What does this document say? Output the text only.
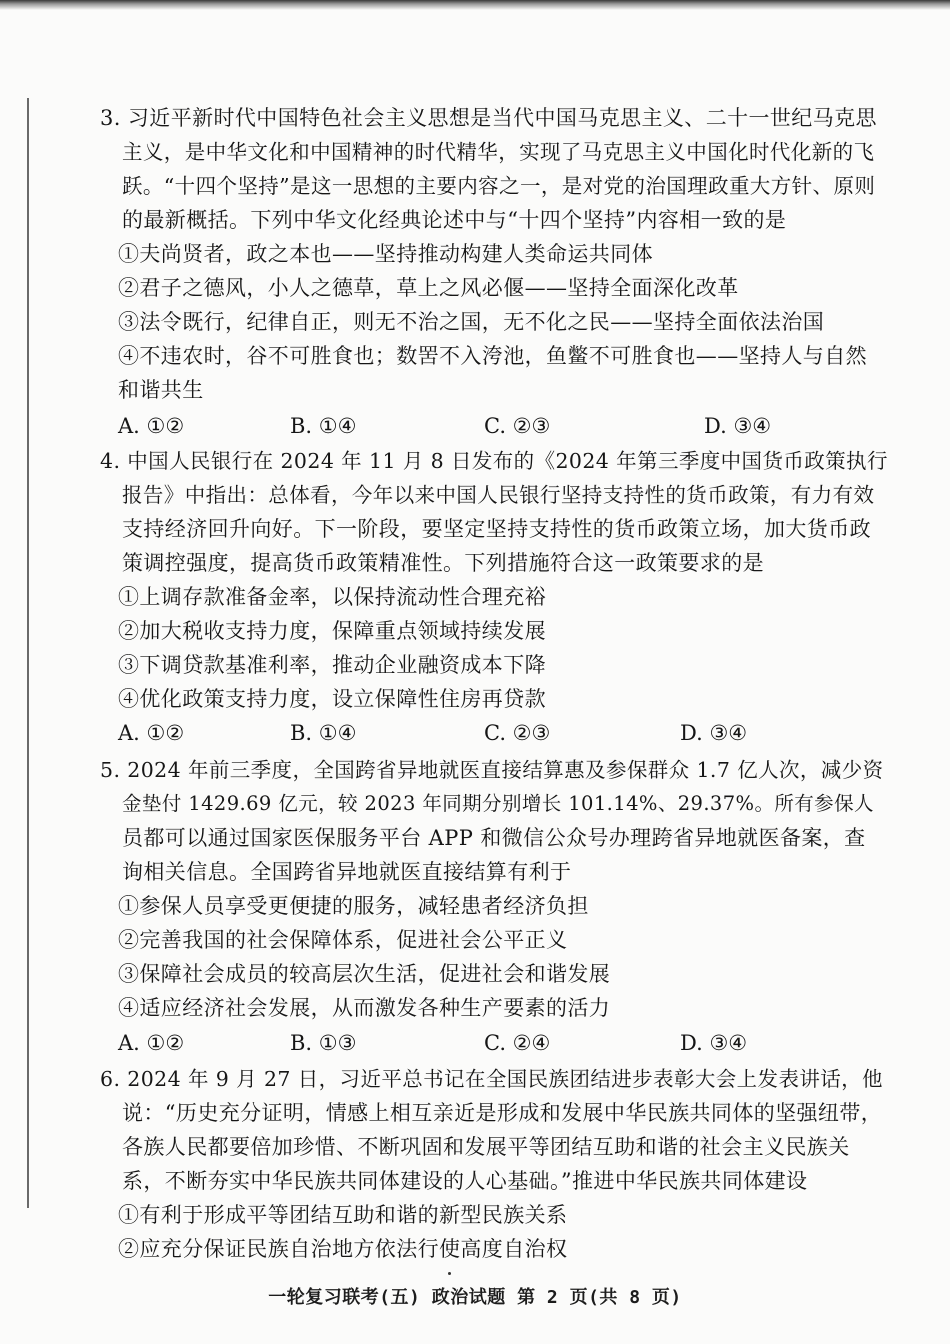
3. 习近平新时代中国特色社会主义思想是当代中国马克思主义、二十一世纪马克思
主义，是中华文化和中国精神的时代精华，实现了马克思主义中国化时代化新的飞
跃。“十四个坚持”是这一思想的主要内容之一，是对党的治国理政重大方针、原则
的最新概括。下列中华文化经典论述中与“十四个坚持”内容相一致的是
①夫尚贤者，政之本也——坚持推动构建人类命运共同体
②君子之德风，小人之德草，草上之风必偃——坚持全面深化改革
③法令既行，纪律自正，则无不治之国，无不化之民——坚持全面依法治国
④不违农时，谷不可胜食也；数罟不入洿池，鱼鳖不可胜食也——坚持人与自然
和谐共生
A. ①②	B. ①④	C. ②③	D. ③④
4. 中国人民银行在 2024 年 11 月 8 日发布的《2024 年第三季度中国货币政策执行
报告》中指出：总体看，今年以来中国人民银行坚持支持性的货币政策，有力有效
支持经济回升向好。下一阶段，要坚定坚持支持性的货币政策立场，加大货币政
策调控强度，提高货币政策精准性。下列措施符合这一政策要求的是
①上调存款准备金率，以保持流动性合理充裕
②加大税收支持力度，保障重点领域持续发展
③下调贷款基准利率，推动企业融资成本下降
④优化政策支持力度，设立保障性住房再贷款
A. ①②	B. ①④	C. ②③	D. ③④
5. 2024 年前三季度，全国跨省异地就医直接结算惠及参保群众 1.7 亿人次，减少资
金垫付 1429.69 亿元，较 2023 年同期分别增长 101.14%、29.37%。所有参保人
员都可以通过国家医保服务平台 APP 和微信公众号办理跨省异地就医备案，查
询相关信息。全国跨省异地就医直接结算有利于
①参保人员享受更便捷的服务，减轻患者经济负担
②完善我国的社会保障体系，促进社会公平正义
③保障社会成员的较高层次生活，促进社会和谐发展
④适应经济社会发展，从而激发各种生产要素的活力
A. ①②	B. ①③	C. ②④	D. ③④
6. 2024 年 9 月 27 日，习近平总书记在全国民族团结进步表彰大会上发表讲话，他
说：“历史充分证明，情感上相互亲近是形成和发展中华民族共同体的坚强纽带，
各族人民都要倍加珍惜、不断巩固和发展平等团结互助和谐的社会主义民族关
系，不断夯实中华民族共同体建设的人心基础。”推进中华民族共同体建设
①有利于形成平等团结互助和谐的新型民族关系
②应充分保证民族自治地方依法行使高度自治权
一轮复习联考(五) 政治试题 第 2 页(共 8 页)
